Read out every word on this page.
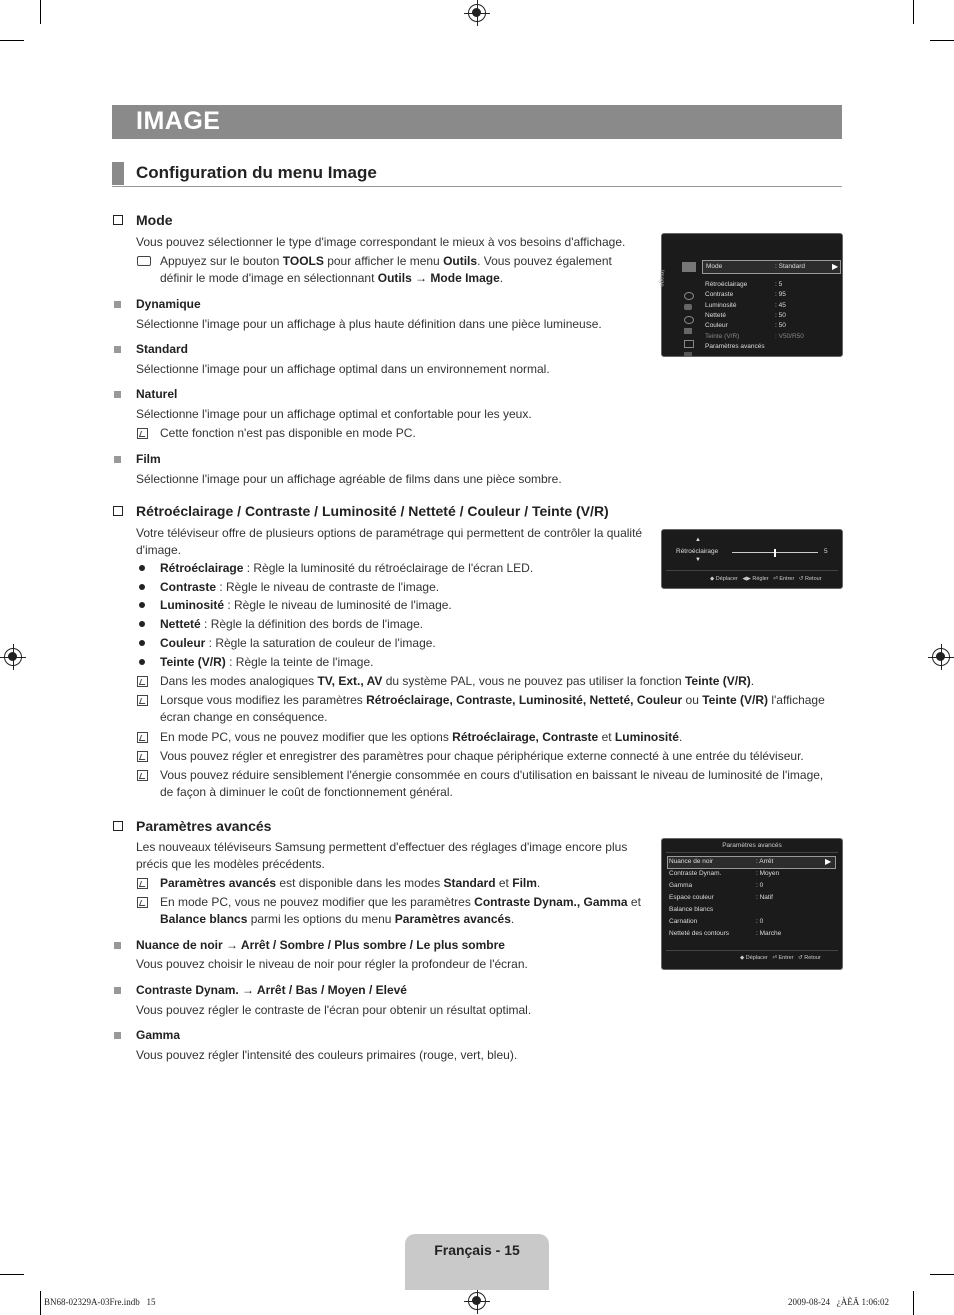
IMAGE
Configuration du menu Image
Mode
Vous pouvez sélectionner le type d'image correspondant le mieux à vos besoins d'affichage.
Appuyez sur le bouton TOOLS pour afficher le menu Outils. Vous pouvez également
définir le mode d'image en sélectionnant Outils → Mode Image.
Dynamique
Sélectionne l'image pour un affichage à plus haute définition dans une pièce lumineuse.
Standard
Sélectionne l'image pour un affichage optimal dans un environnement normal.
Naturel
Sélectionne l'image pour un affichage optimal et confortable pour les yeux.
Cette fonction n'est pas disponible en mode PC.
Film
Sélectionne l'image pour un affichage agréable de films dans une pièce sombre.
Image
▶
Mode	: Standard
Rétroéclairage	: 5
Contraste	: 95
Luminosité	: 45
Netteté	: 50
Couleur	: 50
Teinte (V/R)	: V50/R50
Paramètres avancés
Rétroéclairage / Contraste / Luminosité / Netteté / Couleur / Teinte (V/R)
Votre téléviseur offre de plusieurs options de paramétrage qui permettent de contrôler la qualité
d'image.
Rétroéclairage : Règle la luminosité du rétroéclairage de l'écran LED.
Contraste : Règle le niveau de contraste de l'image.
Luminosité : Règle le niveau de luminosité de l'image.
Netteté : Règle la définition des bords de l'image.
Couleur : Règle la saturation de couleur de l'image.
Teinte (V/R) : Règle la teinte de l'image.
Dans les modes analogiques TV, Ext., AV du système PAL, vous ne pouvez pas utiliser la fonction Teinte (V/R).
Lorsque vous modifiez les paramètres Rétroéclairage, Contraste, Luminosité, Netteté, Couleur ou Teinte (V/R) l'affichage
écran change en conséquence.
En mode PC, vous ne pouvez modifier que les options Rétroéclairage, Contraste et Luminosité.
Vous pouvez régler et enregistrer des paramètres pour chaque périphérique externe connecté à une entrée du téléviseur.
Vous pouvez réduire sensiblement l'énergie consommée en cours d'utilisation en baissant le niveau de luminosité de l'image,
de façon à diminuer le coût de fonctionnement général.
▲
Rétroéclairage
▼
5
◆ Déplacer ◀▶ Régler ⏎ Entrer ↺ Retour
Paramètres avancés
Les nouveaux téléviseurs Samsung permettent d'effectuer des réglages d'image encore plus
précis que les modèles précédents.
Paramètres avancés est disponible dans les modes Standard et Film.
En mode PC, vous ne pouvez modifier que les paramètres Contraste Dynam., Gamma et
Balance blancs parmi les options du menu Paramètres avancés.
Nuance de noir → Arrêt / Sombre / Plus sombre / Le plus sombre
Vous pouvez choisir le niveau de noir pour régler la profondeur de l'écran.
Contraste Dynam. → Arrêt / Bas / Moyen / Elevé
Vous pouvez régler le contraste de l'écran pour obtenir un résultat optimal.
Gamma
Vous pouvez régler l'intensité des couleurs primaires (rouge, vert, bleu).
Paramètres avancés
▶
◆ Déplacer ⏎ Entrer ↺ Retour
Nuance de noir	: Arrêt
Contraste Dynam.	: Moyen
Gamma	: 0
Espace couleur	: Natif
Balance blancs
Carnation	: 0
Netteté des contours	: Marche
Français - 15
BN68-02329A-03Fre.indb   15	2009-08-24   ¿ÀÈÄ 1:06:02
